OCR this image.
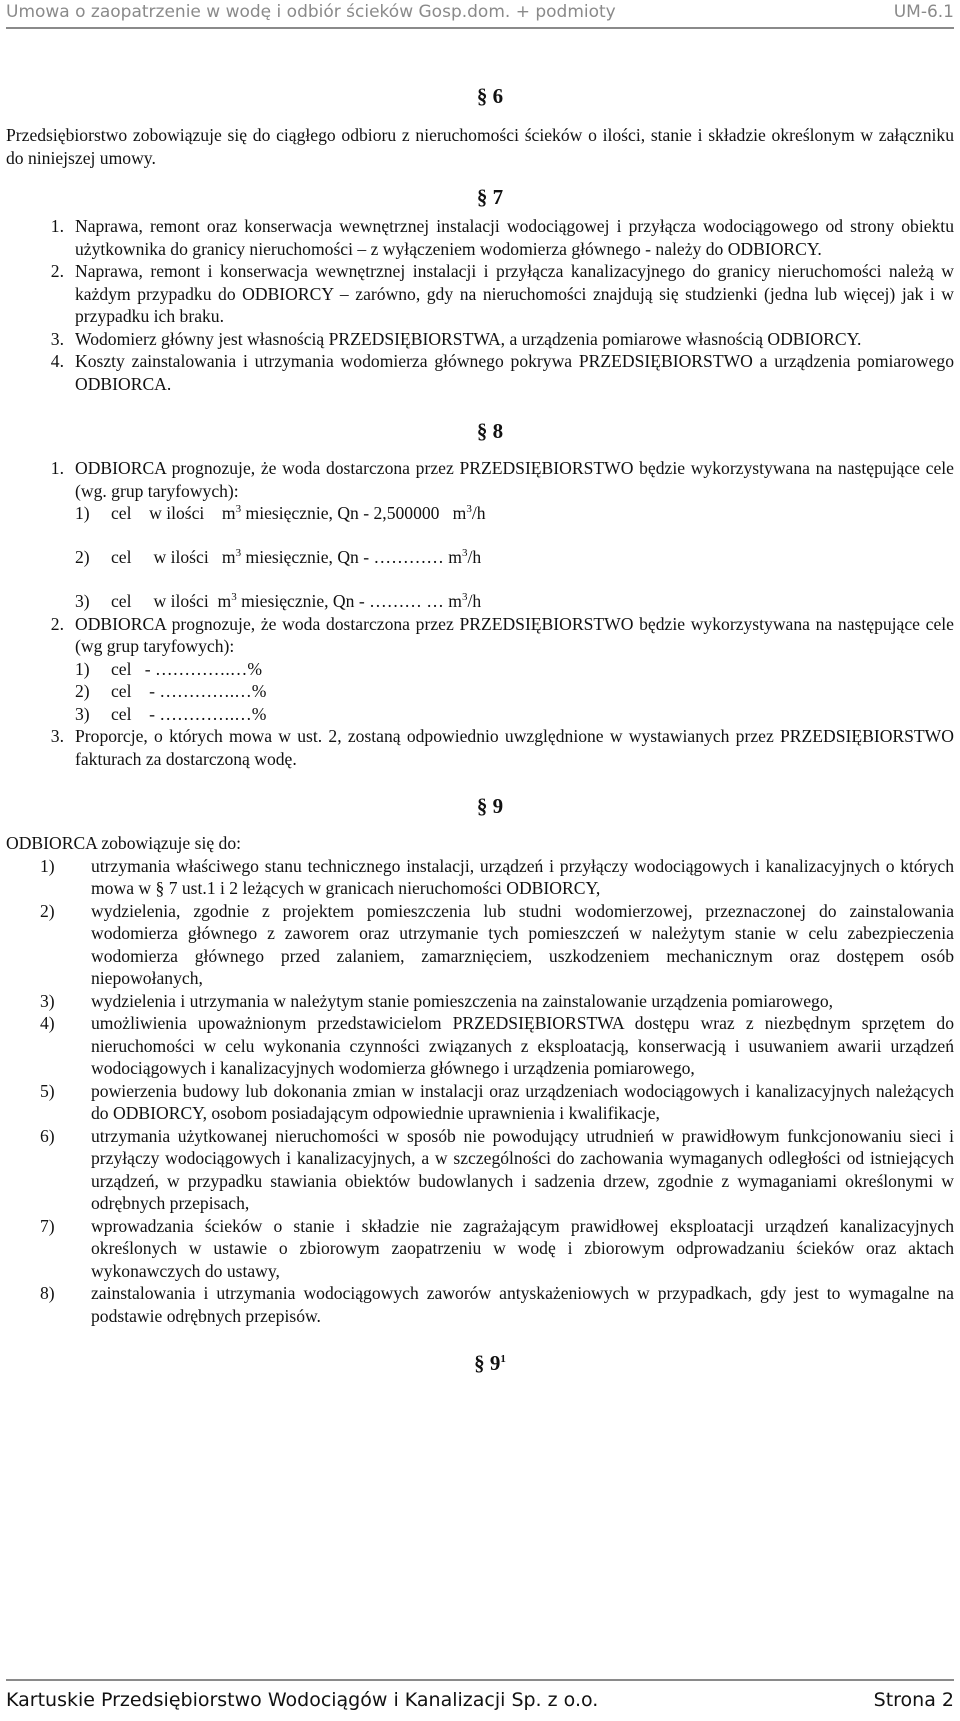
Umowa o zaopatrzenie w wodę i odbiór ścieków Gosp.dom. + podmioty	UM-6.1
§ 6

Przedsiębiorstwo zobowiązuje się do ciągłego odbioru z nieruchomości ścieków o ilości, stanie i składzie określonym w załączniku do niniejszej umowy.

§ 7
1. Naprawa, remont oraz konserwacja wewnętrznej instalacji wodociągowej i przyłącza wodociągowego od strony obiektu użytkownika do granicy nieruchomości – z wyłączeniem wodomierza głównego - należy do ODBIORCY.
2. Naprawa, remont i konserwacja wewnętrznej instalacji i przyłącza kanalizacyjnego do granicy nieruchomości należą w każdym przypadku do ODBIORCY – zarówno, gdy na nieruchomości znajdują się studzienki (jedna lub więcej) jak i w przypadku ich braku.
3. Wodomierz główny jest własnością PRZEDSIĘBIORSTWA, a urządzenia pomiarowe własnością ODBIORCY.
4. Koszty zainstalowania i utrzymania wodomierza głównego pokrywa PRZEDSIĘBIORSTWO a urządzenia pomiarowego ODBIORCA.
§ 8
1. ODBIORCA prognozuje, że woda dostarczona przez PRZEDSIĘBIORSTWO będzie wykorzystywana na następujące cele (wg. grup taryfowych):

1)	cel    w ilości    $m^3$ miesięcznie, Qn - 2,500000   $m^3/h$
2)	cel     w ilości   $m^3$ miesięcznie, Qn - ………… $m^3/h$
3)	cel     w ilości  $m^3$ miesięcznie, Qn - ……… … $m^3/h$
2. ODBIORCA prognozuje, że woda dostarczona przez PRZEDSIĘBIORSTWO będzie wykorzystywana na następujące cele (wg grup taryfowych):

1)	cel   - ………….…%
2)	cel    - ………….…%
3)	cel    - ………….…%
3. Proporcje, o których mowa w ust. 2, zostaną odpowiednio uwzględnione w wystawianych przez PRZEDSIĘBIORSTWO fakturach za dostarczoną wodę.
§ 9

ODBIORCA zobowiązuje się do:

1)	utrzymania właściwego stanu technicznego instalacji, urządzeń i przyłączy wodociągowych i kanalizacyjnych o których mowa w § 7 ust.1 i 2 leżących w granicach nieruchomości ODBIORCY,
2)	wydzielenia, zgodnie z projektem pomieszczenia lub studni wodomierzowej, przeznaczonej do zainstalowania wodomierza głównego z zaworem oraz utrzymanie tych pomieszczeń w należytym stanie w celu zabezpieczenia wodomierza głównego przed zalaniem, zamarznięciem, uszkodzeniem mechanicznym oraz dostępem osób niepowołanych,
3)	wydzielenia i utrzymania w należytym stanie pomieszczenia na zainstalowanie urządzenia pomiarowego,
4)	umożliwienia upoważnionym przedstawicielom PRZEDSIĘBIORSTWA dostępu wraz z niezbędnym sprzętem do nieruchomości w celu wykonania czynności związanych z eksploatacją, konserwacją i usuwaniem awarii urządzeń wodociągowych i kanalizacyjnych wodomierza głównego i urządzenia pomiarowego,
5)	powierzenia budowy lub dokonania zmian w instalacji oraz urządzeniach wodociągowych i kanalizacyjnych należących do ODBIORCY, osobom posiadającym odpowiednie uprawnienia i kwalifikacje,
6)	utrzymania użytkowanej nieruchomości w sposób nie powodujący utrudnień w prawidłowym funkcjonowaniu sieci i przyłączy wodociągowych i kanalizacyjnych, a w szczególności do zachowania wymaganych odległości od istniejących urządzeń, w przypadku stawiania obiektów budowlanych i sadzenia drzew, zgodnie z wymaganiami określonymi w odrębnych przepisach,
7)	wprowadzania ścieków o stanie i składzie nie zagrażającym prawidłowej eksploatacji urządzeń kanalizacyjnych określonych w ustawie o zbiorowym zaopatrzeniu w wodę i zbiorowym odprowadzaniu ścieków oraz aktach wykonawczych do ustawy,
8)	zainstalowania i utrzymania wodociągowych zaworów antyskażeniowych w przypadkach, gdy jest to wymagalne na podstawie odrębnych przepisów.
§ $9^1$
Kartuskie Przedsiębiorstwo Wodociągów i Kanalizacji Sp. z o.o.	Strona 2
